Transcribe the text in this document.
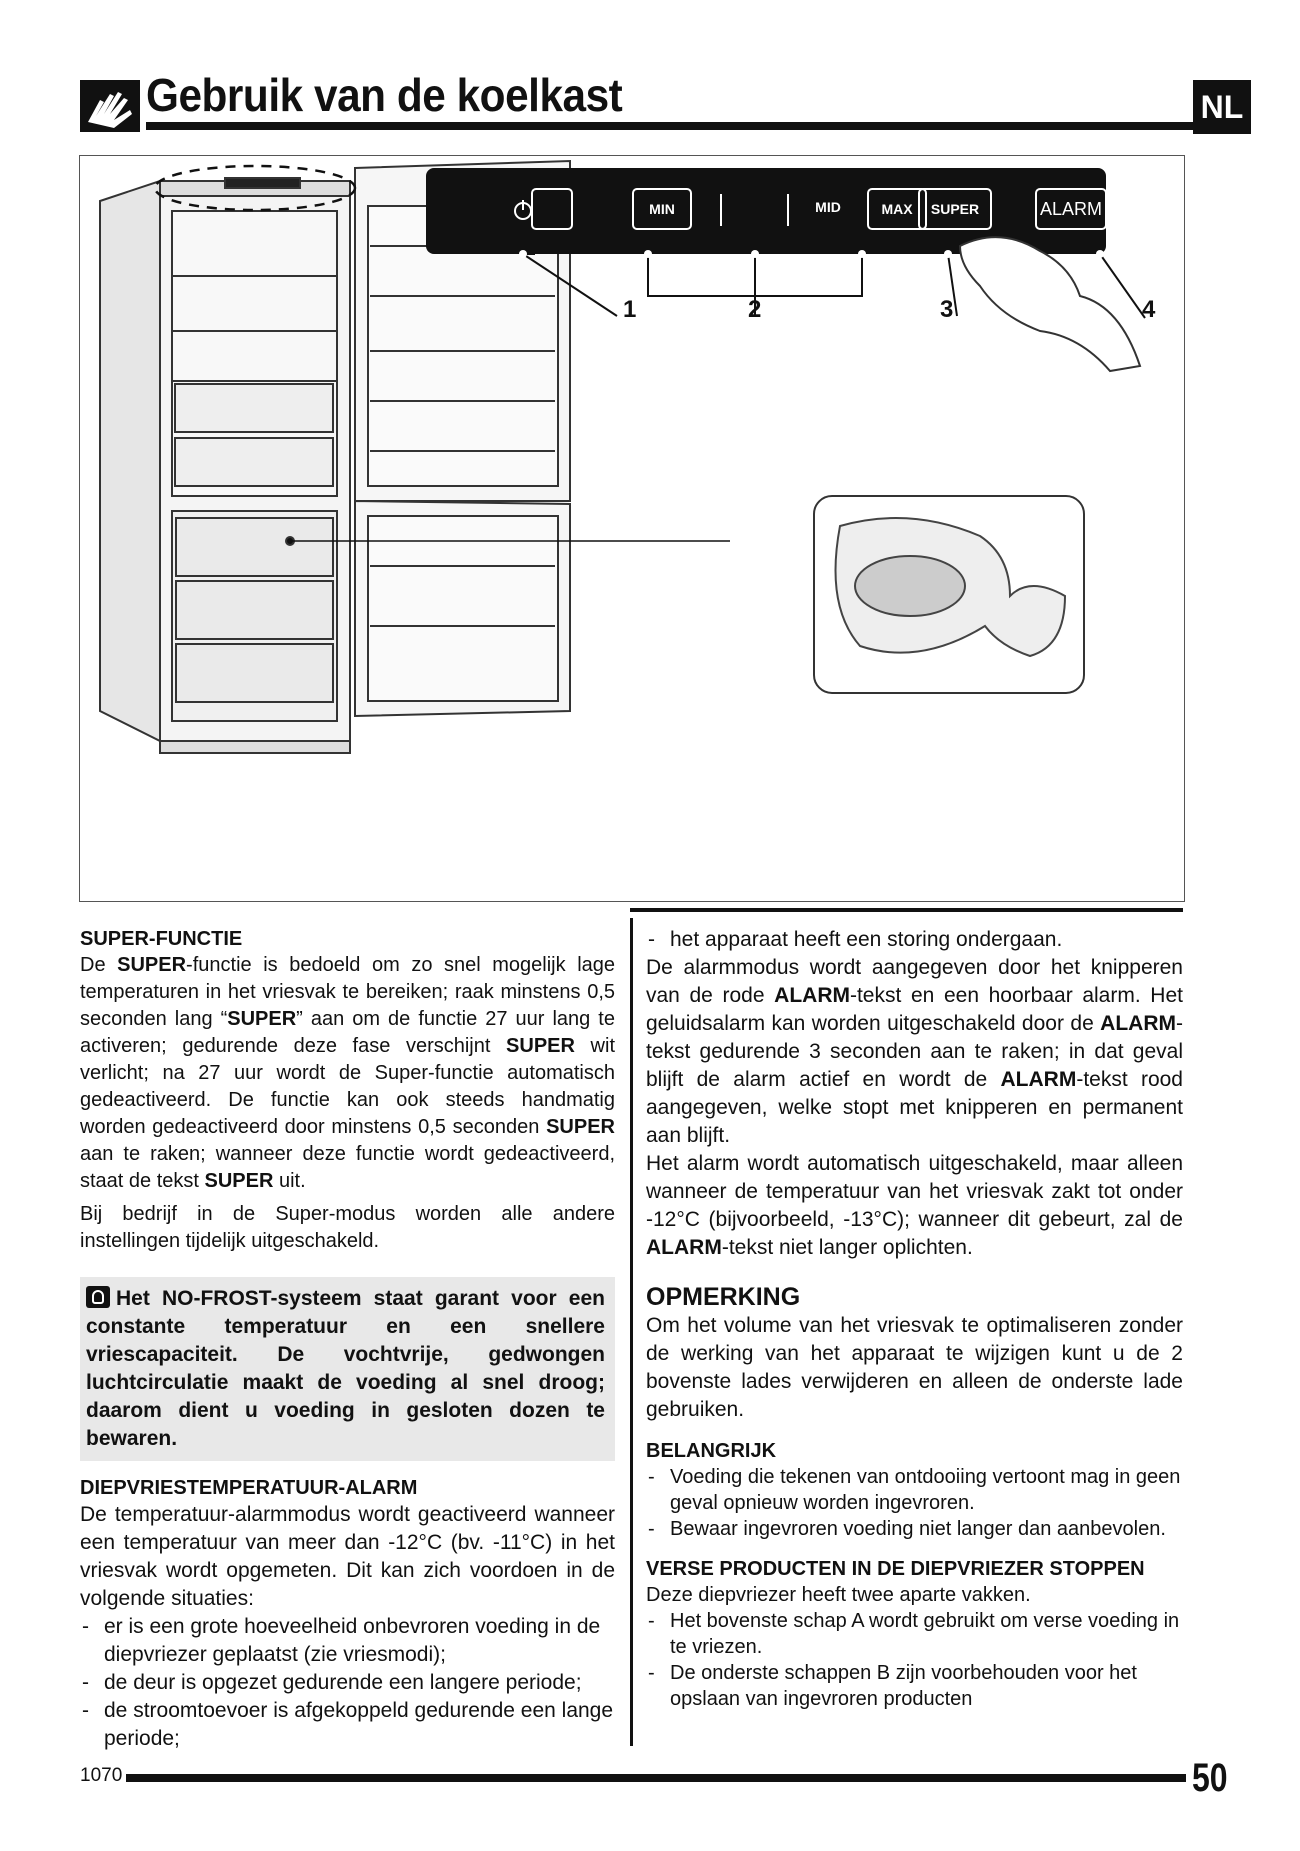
Gebruik van de koelkast	NL
MIN	MID	MAX	SUPER	ALARM
1	2	3	4
SUPER-FUNCTIE

De SUPER-functie is bedoeld om zo snel mogelijk lage temperaturen in het vriesvak te bereiken; raak minstens 0,5 seconden lang “SUPER” aan om de functie 27 uur lang te activeren; gedurende deze fase verschijnt SUPER wit verlicht; na 27 uur wordt de Super-functie automatisch gedeactiveerd. De functie kan ook steeds handmatig worden gedeactiveerd door minstens 0,5 seconden SUPER aan te raken; wanneer deze functie wordt gedeactiveerd, staat de tekst SUPER uit.

Bij bedrijf in de Super-modus worden alle andere instellingen tijdelijk uitgeschakeld.

Het NO-FROST-systeem staat garant voor een constante temperatuur en een snellere vriescapaciteit. De vochtvrije, gedwongen luchtcirculatie maakt de voeding al snel droog; daarom dient u voeding in gesloten dozen te bewaren.
DIEPVRIESTEMPERATUUR-ALARM

De temperatuur-alarmmodus wordt geactiveerd wanneer een temperatuur van meer dan -12°C (bv. -11°C) in het vriesvak wordt opgemeten. Dit kan zich voordoen in de volgende situaties:

- er is een grote hoeveelheid onbevroren voeding in de diepvriezer geplaatst (zie vriesmodi);
- de deur is opgezet gedurende een langere periode;
- de stroomtoevoer is afgekoppeld gedurende een lange periode;
- het apparaat heeft een storing ondergaan.

De alarmmodus wordt aangegeven door het knipperen van de rode ALARM-tekst en een hoorbaar alarm. Het geluidsalarm kan worden uitgeschakeld door de ALARM-tekst gedurende 3 seconden aan te raken; in dat geval blijft de alarm actief en wordt de ALARM-tekst rood aangegeven, welke stopt met knipperen en permanent aan blijft.

Het alarm wordt automatisch uitgeschakeld, maar alleen wanneer de temperatuur van het vriesvak zakt tot onder -12°C (bijvoorbeeld, -13°C); wanneer dit gebeurt, zal de ALARM-tekst niet langer oplichten.

OPMERKING

Om het volume van het vriesvak te optimaliseren zonder de werking van het apparaat te wijzigen kunt u de 2 bovenste lades verwijderen en alleen de onderste lade gebruiken.

BELANGRIJK
- Voeding die tekenen van ontdooiing vertoont mag in geen geval opnieuw worden ingevroren.
- Bewaar ingevroren voeding niet langer dan aanbevolen.
VERSE PRODUCTEN IN DE DIEPVRIEZER STOPPEN

Deze diepvriezer heeft twee aparte vakken.

- Het bovenste schap A wordt gebruikt om verse voeding in te vriezen.
- De onderste schappen B zijn voorbehouden voor het opslaan van ingevroren producten
1070	50
